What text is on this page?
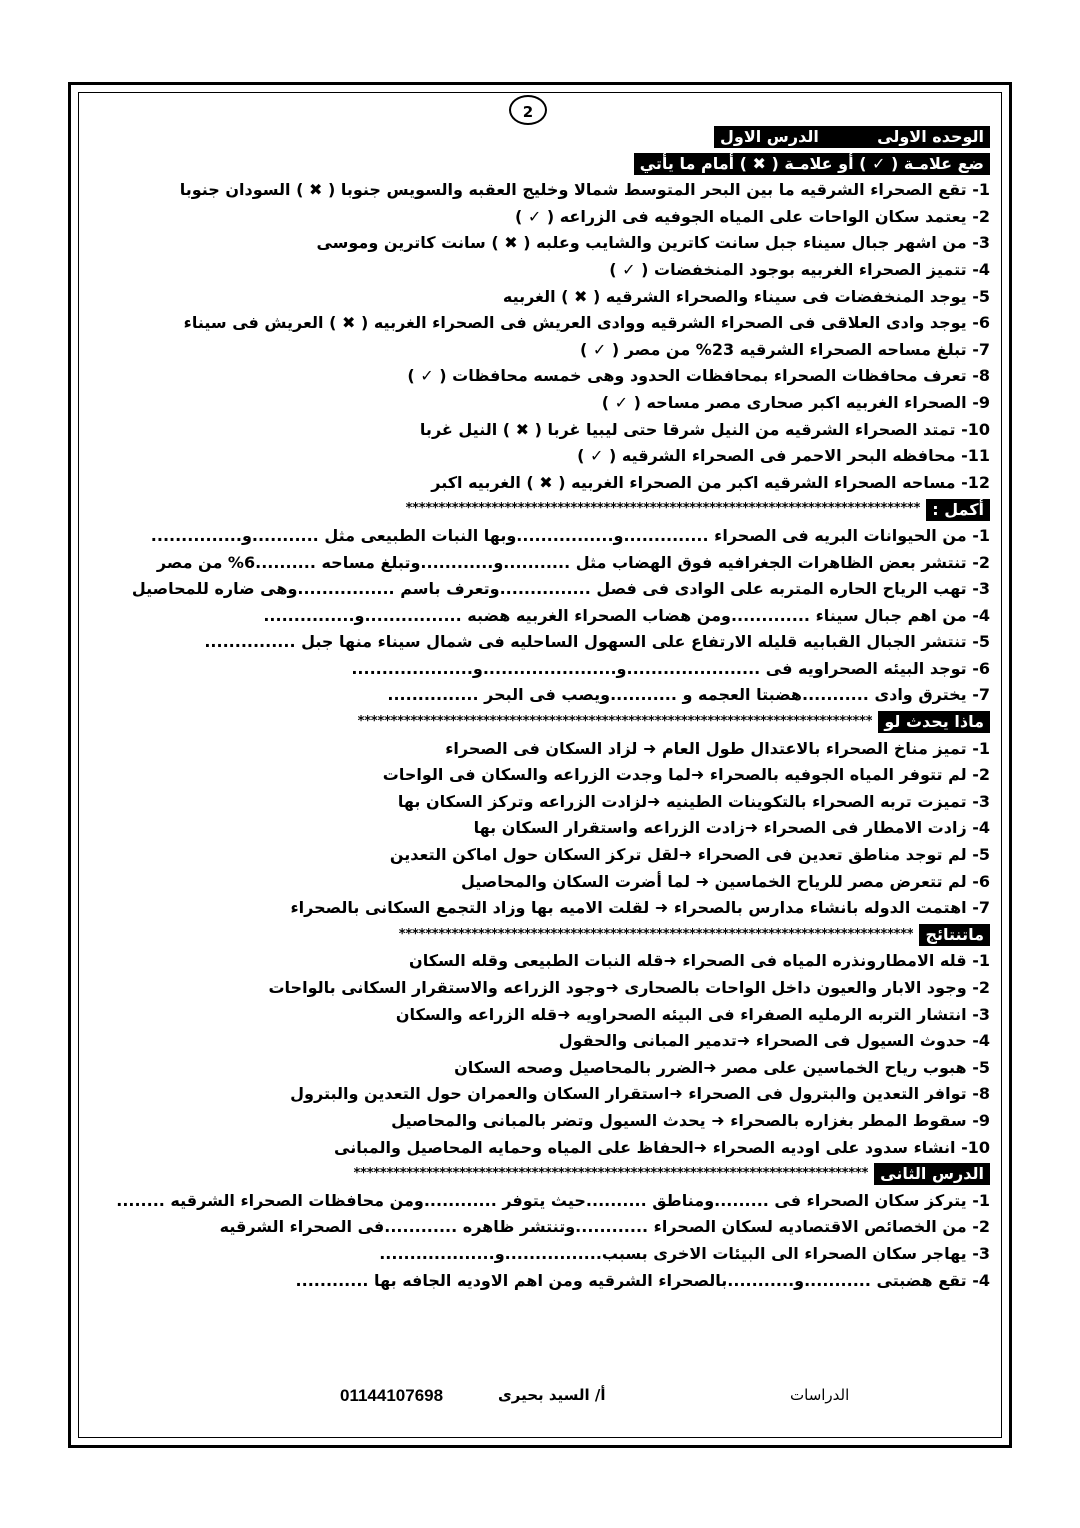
2
الوحده الاولى
الدرس الاول
ضع علامـة ( ✓ ) أو علامـة ( ✖ ) أمام ما يأتي
1- تقع الصحراء الشرقيه ما بين البحر المتوسط شمالا وخليج العقبه والسويس جنوبا ( ✖ ) السودان جنوبا
2- يعتمد سكان الواحات على المياه الجوفيه فى الزراعه ( ✓ )
3- من اشهر جبال سيناء جبل سانت كاترين والشايب وعلبه ( ✖ ) سانت كاترين وموسى
4- تتميز الصحراء الغربيه بوجود المنخفضات ( ✓ )
5- يوجد المنخفضات فى سيناء والصحراء الشرقيه ( ✖ ) الغربيه
6- يوجد وادى العلاقى فى الصحراء الشرقيه ووادى العريش فى الصحراء الغربيه ( ✖ ) العريش فى سيناء
7- تبلغ مساحه الصحراء الشرقيه 23% من مصر ( ✓ )
8- تعرف محافظات الصحراء بمحافظات الحدود وهى خمسه محافظات ( ✓ )
9- الصحراء الغربيه اكبر صحارى مصر مساحه ( ✓ )
10- تمتد الصحراء الشرقيه من النيل شرقا حتى ليبيا غربا ( ✖ ) النيل غربا
11- محافظه البحر الاحمر فى الصحراء الشرقيه ( ✓ )
12- مساحه الصحراء الشرقيه اكبر من الصحراء الغربيه ( ✖ ) الغربيه اكبر
أكمل :
******************************************************************************
1- من الحيوانات البريه فى الصحراء ..............و................وبها النبات الطبيعى مثل ...........و...............
2- تنتشر بعض الظاهرات الجغرافيه فوق الهضاب مثل ...........و............وتبلغ مساحه ..........6% من مصر
3- تهب الرياح الحاره المتربه على الوادى فى فصل ...............وتعرف باسم ................وهى ضاره للمحاصيل
4- من اهم جبال سيناء .............ومن هضاب الصحراء الغربيه هضبه ................و...............
5- تنتشر الجبال القبابيه قليله الارتفاع على السهول الساحليه فى شمال سيناء منها جبل ...............
6- توجد البيئه الصحراويه فى ......................و......................و....................
7- يخترق وادى ...........هضبتا العجمه و ...........ويصب فى البحر ...............
ماذا يحدث لو
******************************************************************************
1- تميز مناخ الصحراء بالاعتدال طول العام ➜ لزاد السكان فى الصحراء
2- لم تتوفر المياه الجوفيه بالصحراء ➜لما وجدت الزراعه والسكان فى الواحات
3- تميزت تربه الصحراء بالتكوينات الطينيه ➜لزادت الزراعه وتركز السكان بها
4- زادت الامطار فى الصحراء ➜زادت الزراعه واستقرار السكان بها
5- لم توجد مناطق تعدين فى الصحراء ➜لقل تركز السكان حول اماكن التعدين
6- لم تتعرض مصر للرياح الخماسين ➜ لما أضرت السكان والمحاصيل
7- اهتمت الدوله بانشاء مدارس بالصحراء ➜ لقلت الاميه بها وزاد التجمع السكانى بالصحراء
ماتنتائج
******************************************************************************
1- قله الامطارونذره المياه فى الصحراء ➜قله النبات الطبيعى وقله السكان
2- وجود الابار والعيون داخل الواحات بالصحارى ➜وجود الزراعه والاستقرار السكانى بالواحات
3- انتشار التربه الرمليه الصفراء فى البيئه الصحراويه ➜قله الزراعه والسكان
4- حدوث السيول فى الصحراء ➜تدمير المبانى والحقول
5- هبوب رياح الخماسين على مصر ➜الضرر بالمحاصيل وصحه السكان
8- توافر التعدين والبترول فى الصحراء ➜استقرار السكان والعمران حول التعدين والبترول
9- سقوط المطر بغزاره بالصحراء ➜ يحدث السيول وتضر بالمبانى والمحاصيل
10- انشاء سدود على اوديه الصحراء ➜الحفاظ على المياه وحمايه المحاصيل والمبانى
الدرس الثانى
******************************************************************************
1- يتركز سكان الصحراء فى .........ومناطق ..........حيث يتوفر ............ومن محافظات الصحراء الشرقيه ........
2- من الخصائص الاقتصاديه لسكان الصحراء ............وتنتشر ظاهره ............فى الصحراء الشرقيه
3- يهاجر سكان الصحراء الى البيئات الاخرى بسبب................و...................
4- تقع هضبتى ...........و...........بالصحراء الشرقيه ومن اهم الاوديه الجافه بها ............
الدراسات
أ/ السيد بحيرى
01144107698
